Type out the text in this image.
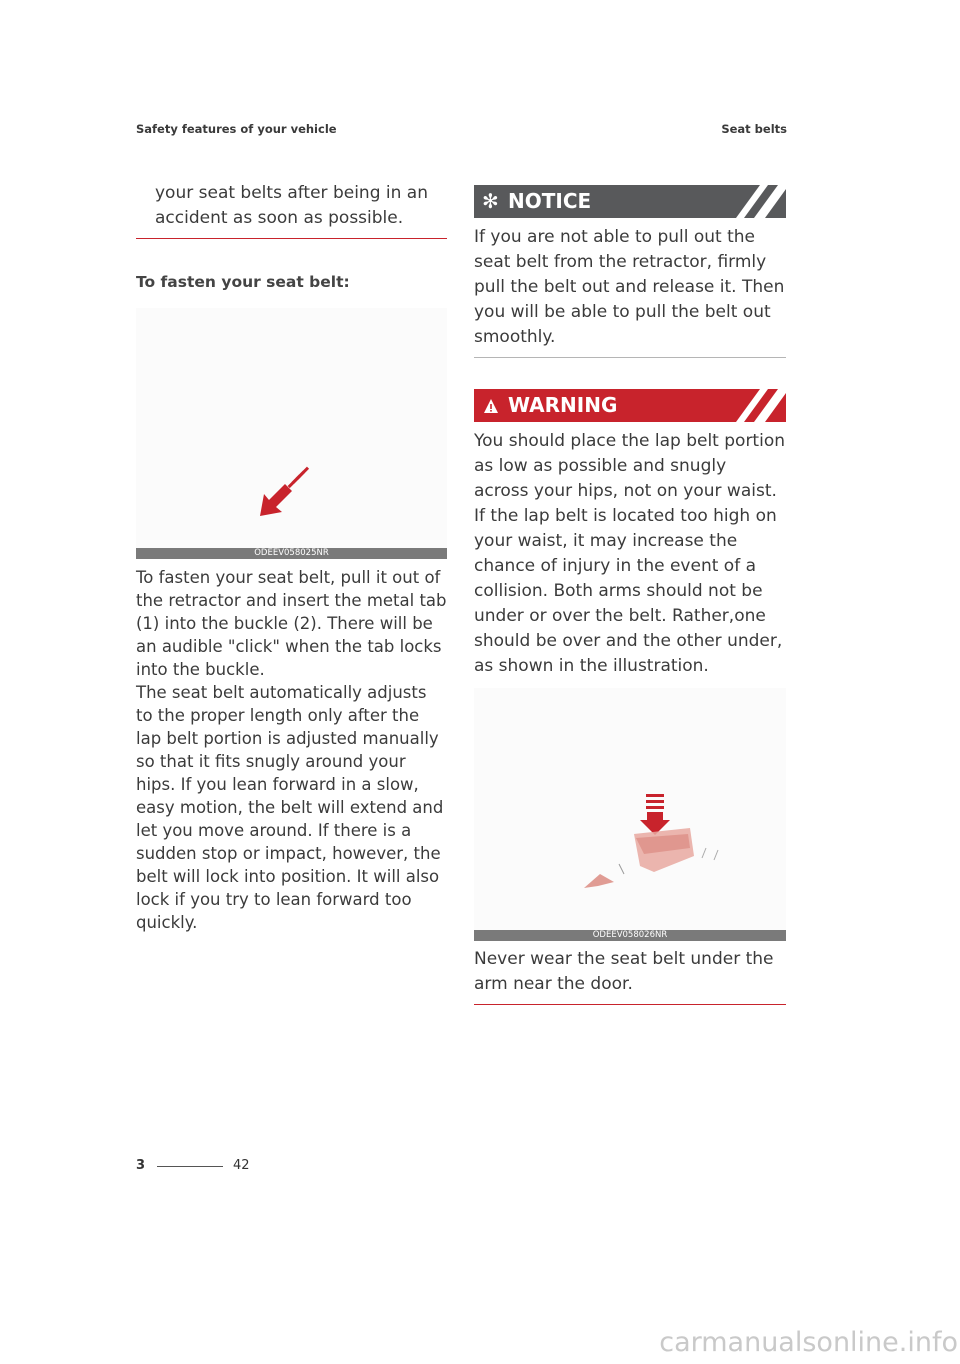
Safety features of your vehicle	Seat belts
your seat belts after being in an accident as soon as possible.
To fasten your seat belt:
ODEEV058025NR
To fasten your seat belt, pull it out of the retractor and insert the metal tab (1) into the buckle (2). There will be an audible "click" when the tab locks into the buckle.
The seat belt automatically adjusts to the proper length only after the lap belt portion is adjusted manually so that it fits snugly around your hips. If you lean forward in a slow, easy motion, the belt will extend and let you move around. If there is a sudden stop or impact, however, the belt will lock into position. It will also lock if you try to lean forward too quickly.
✻ NOTICE
If you are not able to pull out the seat belt from the retractor, firmly pull the belt out and release it. Then you will be able to pull the belt out smoothly.
WARNING
You should place the lap belt portion as low as possible and snugly across your hips, not on your waist. If the lap belt is located too high on your waist, it may increase the chance of injury in the event of a collision. Both arms should not be under or over the belt. Rather,one should be over and the other under, as shown in the illustration.
ODEEV058026NR
Never wear the seat belt under the arm near the door.
3	42
carmanualsonline.info
